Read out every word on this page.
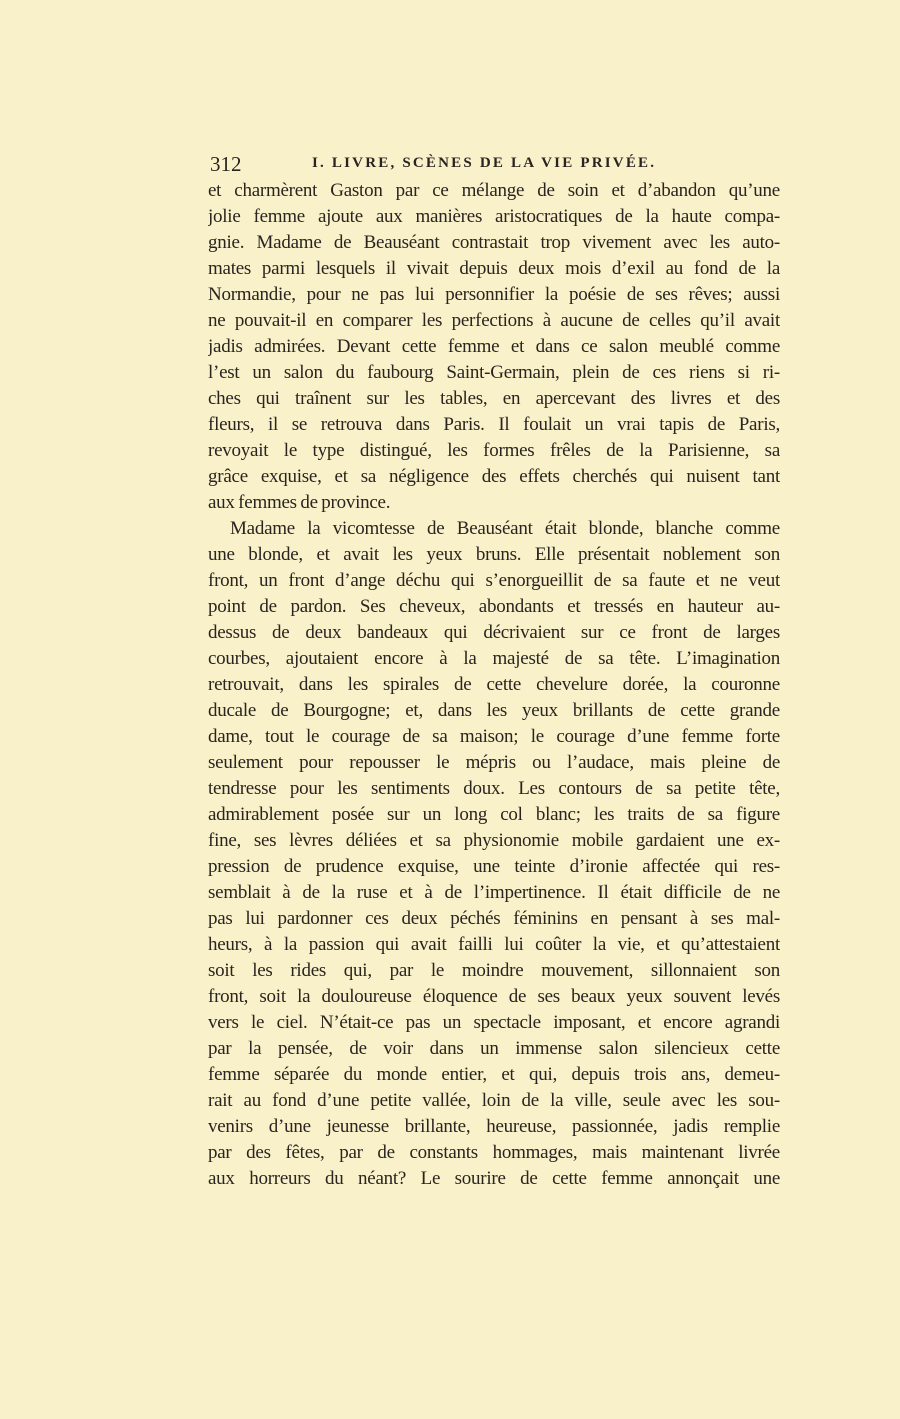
312	I. LIVRE, SCÈNES DE LA VIE PRIVÉE.
et charmèrent Gaston par ce mélange de soin et d’abandon qu’une
jolie femme ajoute aux manières aristocratiques de la haute compa-
gnie. Madame de Beauséant contrastait trop vivement avec les auto-
mates parmi lesquels il vivait depuis deux mois d’exil au fond de la
Normandie, pour ne pas lui personnifier la poésie de ses rêves; aussi
ne pouvait-il en comparer les perfections à aucune de celles qu’il avait
jadis admirées. Devant cette femme et dans ce salon meublé comme
l’est un salon du faubourg Saint-Germain, plein de ces riens si ri-
ches qui traînent sur les tables, en apercevant des livres et des
fleurs, il se retrouva dans Paris. Il foulait un vrai tapis de Paris,
revoyait le type distingué, les formes frêles de la Parisienne, sa
grâce exquise, et sa négligence des effets cherchés qui nuisent tant
aux femmes de province.
Madame la vicomtesse de Beauséant était blonde, blanche comme
une blonde, et avait les yeux bruns. Elle présentait noblement son
front, un front d’ange déchu qui s’enorgueillit de sa faute et ne veut
point de pardon. Ses cheveux, abondants et tressés en hauteur au-
dessus de deux bandeaux qui décrivaient sur ce front de larges
courbes, ajoutaient encore à la majesté de sa tête. L’imagination
retrouvait, dans les spirales de cette chevelure dorée, la couronne
ducale de Bourgogne; et, dans les yeux brillants de cette grande
dame, tout le courage de sa maison; le courage d’une femme forte
seulement pour repousser le mépris ou l’audace, mais pleine de
tendresse pour les sentiments doux. Les contours de sa petite tête,
admirablement posée sur un long col blanc; les traits de sa figure
fine, ses lèvres déliées et sa physionomie mobile gardaient une ex-
pression de prudence exquise, une teinte d’ironie affectée qui res-
semblait à de la ruse et à de l’impertinence. Il était difficile de ne
pas lui pardonner ces deux péchés féminins en pensant à ses mal-
heurs, à la passion qui avait failli lui coûter la vie, et qu’attestaient
soit les rides qui, par le moindre mouvement, sillonnaient son
front, soit la douloureuse éloquence de ses beaux yeux souvent levés
vers le ciel. N’était-ce pas un spectacle imposant, et encore agrandi
par la pensée, de voir dans un immense salon silencieux cette
femme séparée du monde entier, et qui, depuis trois ans, demeu-
rait au fond d’une petite vallée, loin de la ville, seule avec les sou-
venirs d’une jeunesse brillante, heureuse, passionnée, jadis remplie
par des fêtes, par de constants hommages, mais maintenant livrée
aux horreurs du néant? Le sourire de cette femme annonçait une
